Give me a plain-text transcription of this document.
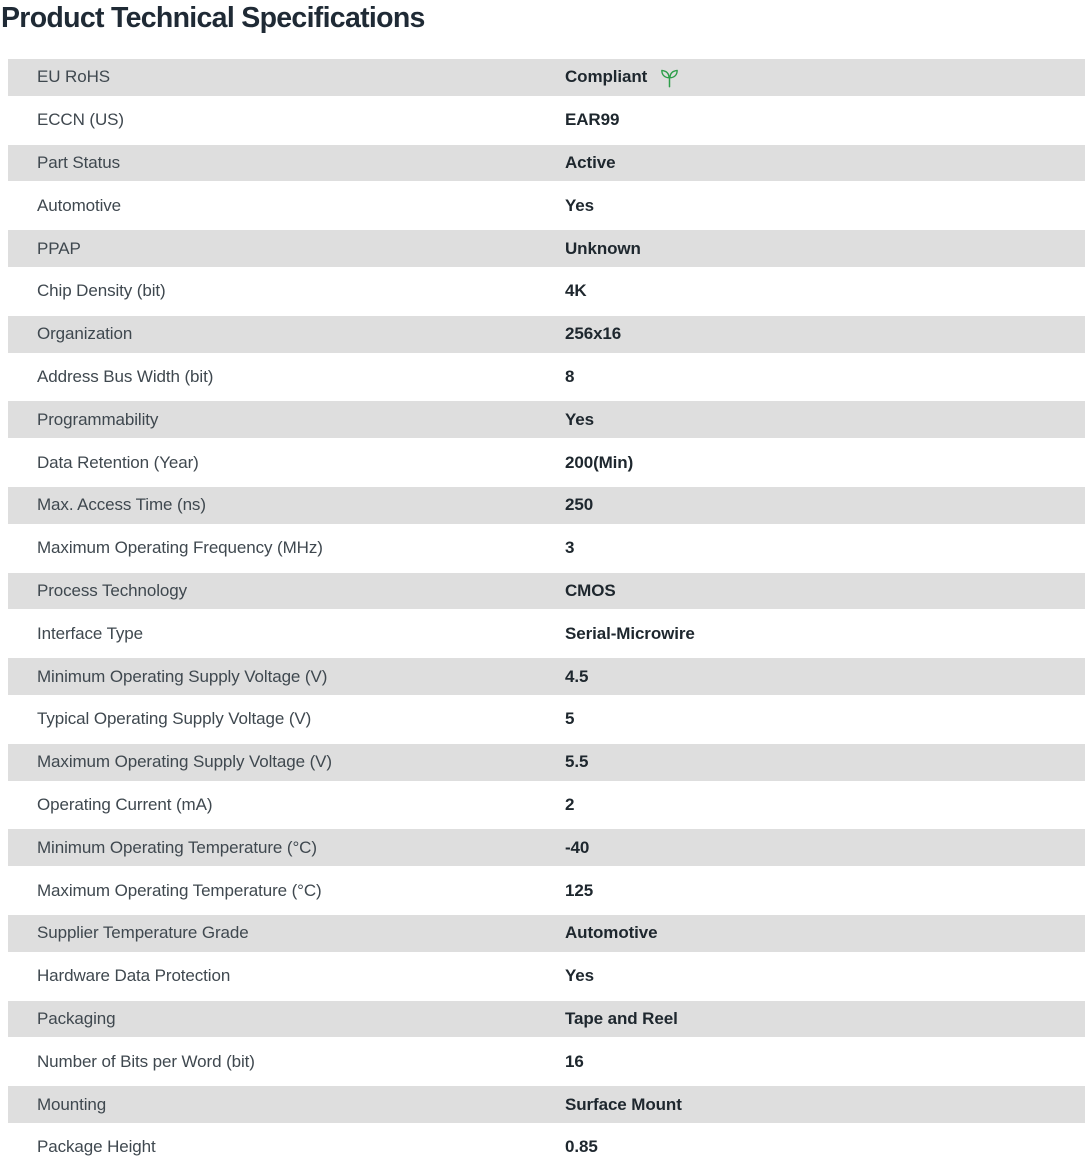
Product Technical Specifications
EU RoHS	Compliant
ECCN (US)	EAR99
Part Status	Active
Automotive	Yes
PPAP	Unknown
Chip Density (bit)	4K
Organization	256x16
Address Bus Width (bit)	8
Programmability	Yes
Data Retention (Year)	200(Min)
Max. Access Time (ns)	250
Maximum Operating Frequency (MHz)	3
Process Technology	CMOS
Interface Type	Serial-Microwire
Minimum Operating Supply Voltage (V)	4.5
Typical Operating Supply Voltage (V)	5
Maximum Operating Supply Voltage (V)	5.5
Operating Current (mA)	2
Minimum Operating Temperature (°C)	-40
Maximum Operating Temperature (°C)	125
Supplier Temperature Grade	Automotive
Hardware Data Protection	Yes
Packaging	Tape and Reel
Number of Bits per Word (bit)	16
Mounting	Surface Mount
Package Height	0.85
